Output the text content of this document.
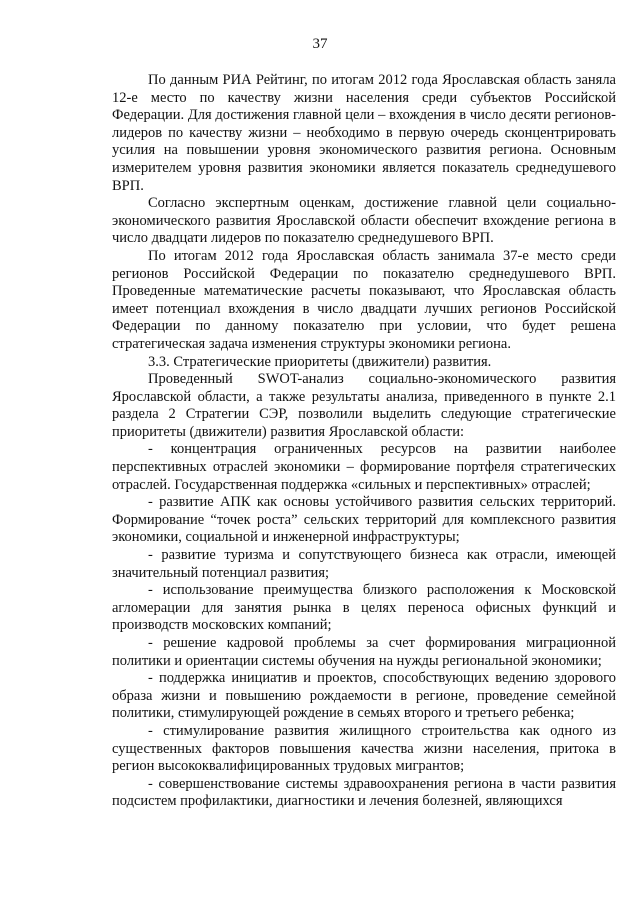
37

По данным РИА Рейтинг, по итогам 2012 года Ярославская область заняла 12-е место по качеству жизни населения среди субъектов Российской Федерации. Для достижения главной цели – вхождения в число десяти регионов-лидеров по качеству жизни – необходимо в первую очередь сконцентрировать усилия на повышении уровня экономического развития региона. Основным измерителем уровня развития экономики является показатель среднедушевого ВРП.

Согласно экспертным оценкам, достижение главной цели социально-экономического развития Ярославской области обеспечит вхождение региона в число двадцати лидеров по показателю среднедушевого ВРП.

По итогам 2012 года Ярославская область занимала 37-е место среди регионов Российской Федерации по показателю среднедушевого ВРП. Проведенные математические расчеты показывают, что Ярославская область имеет потенциал вхождения в число двадцати лучших регионов Российской Федерации по данному показателю при условии, что будет решена стратегическая задача изменения структуры экономики региона.

3.3. Стратегические приоритеты (движители) развития.

Проведенный SWOT-анализ социально-экономического развития Ярославской области, а также результаты анализа, приведенного в пункте 2.1 раздела 2 Стратегии СЭР, позволили выделить следующие стратегические приоритеты (движители) развития Ярославской области:

- концентрация ограниченных ресурсов на развитии наиболее перспективных отраслей экономики – формирование портфеля стратегических отраслей. Государственная поддержка «сильных и перспективных» отраслей;

- развитие АПК как основы устойчивого развития сельских территорий. Формирование “точек роста” сельских территорий для комплексного развития экономики, социальной и инженерной инфраструктуры;

- развитие туризма и сопутствующего бизнеса как отрасли, имеющей значительный потенциал развития;

- использование преимущества близкого расположения к Московской агломерации для занятия рынка в целях переноса офисных функций и производств московских компаний;

- решение кадровой проблемы за счет формирования миграционной политики и ориентации системы обучения на нужды региональной экономики;

- поддержка инициатив и проектов, способствующих ведению здорового образа жизни и повышению рождаемости в регионе, проведение семейной политики, стимулирующей рождение в семьях второго и третьего ребенка;

- стимулирование развития жилищного строительства как одного из существенных факторов повышения качества жизни населения, притока в регион высококвалифицированных трудовых мигрантов;

- совершенствование системы здравоохранения региона в части развития подсистем профилактики, диагностики и лечения болезней, являющихся
